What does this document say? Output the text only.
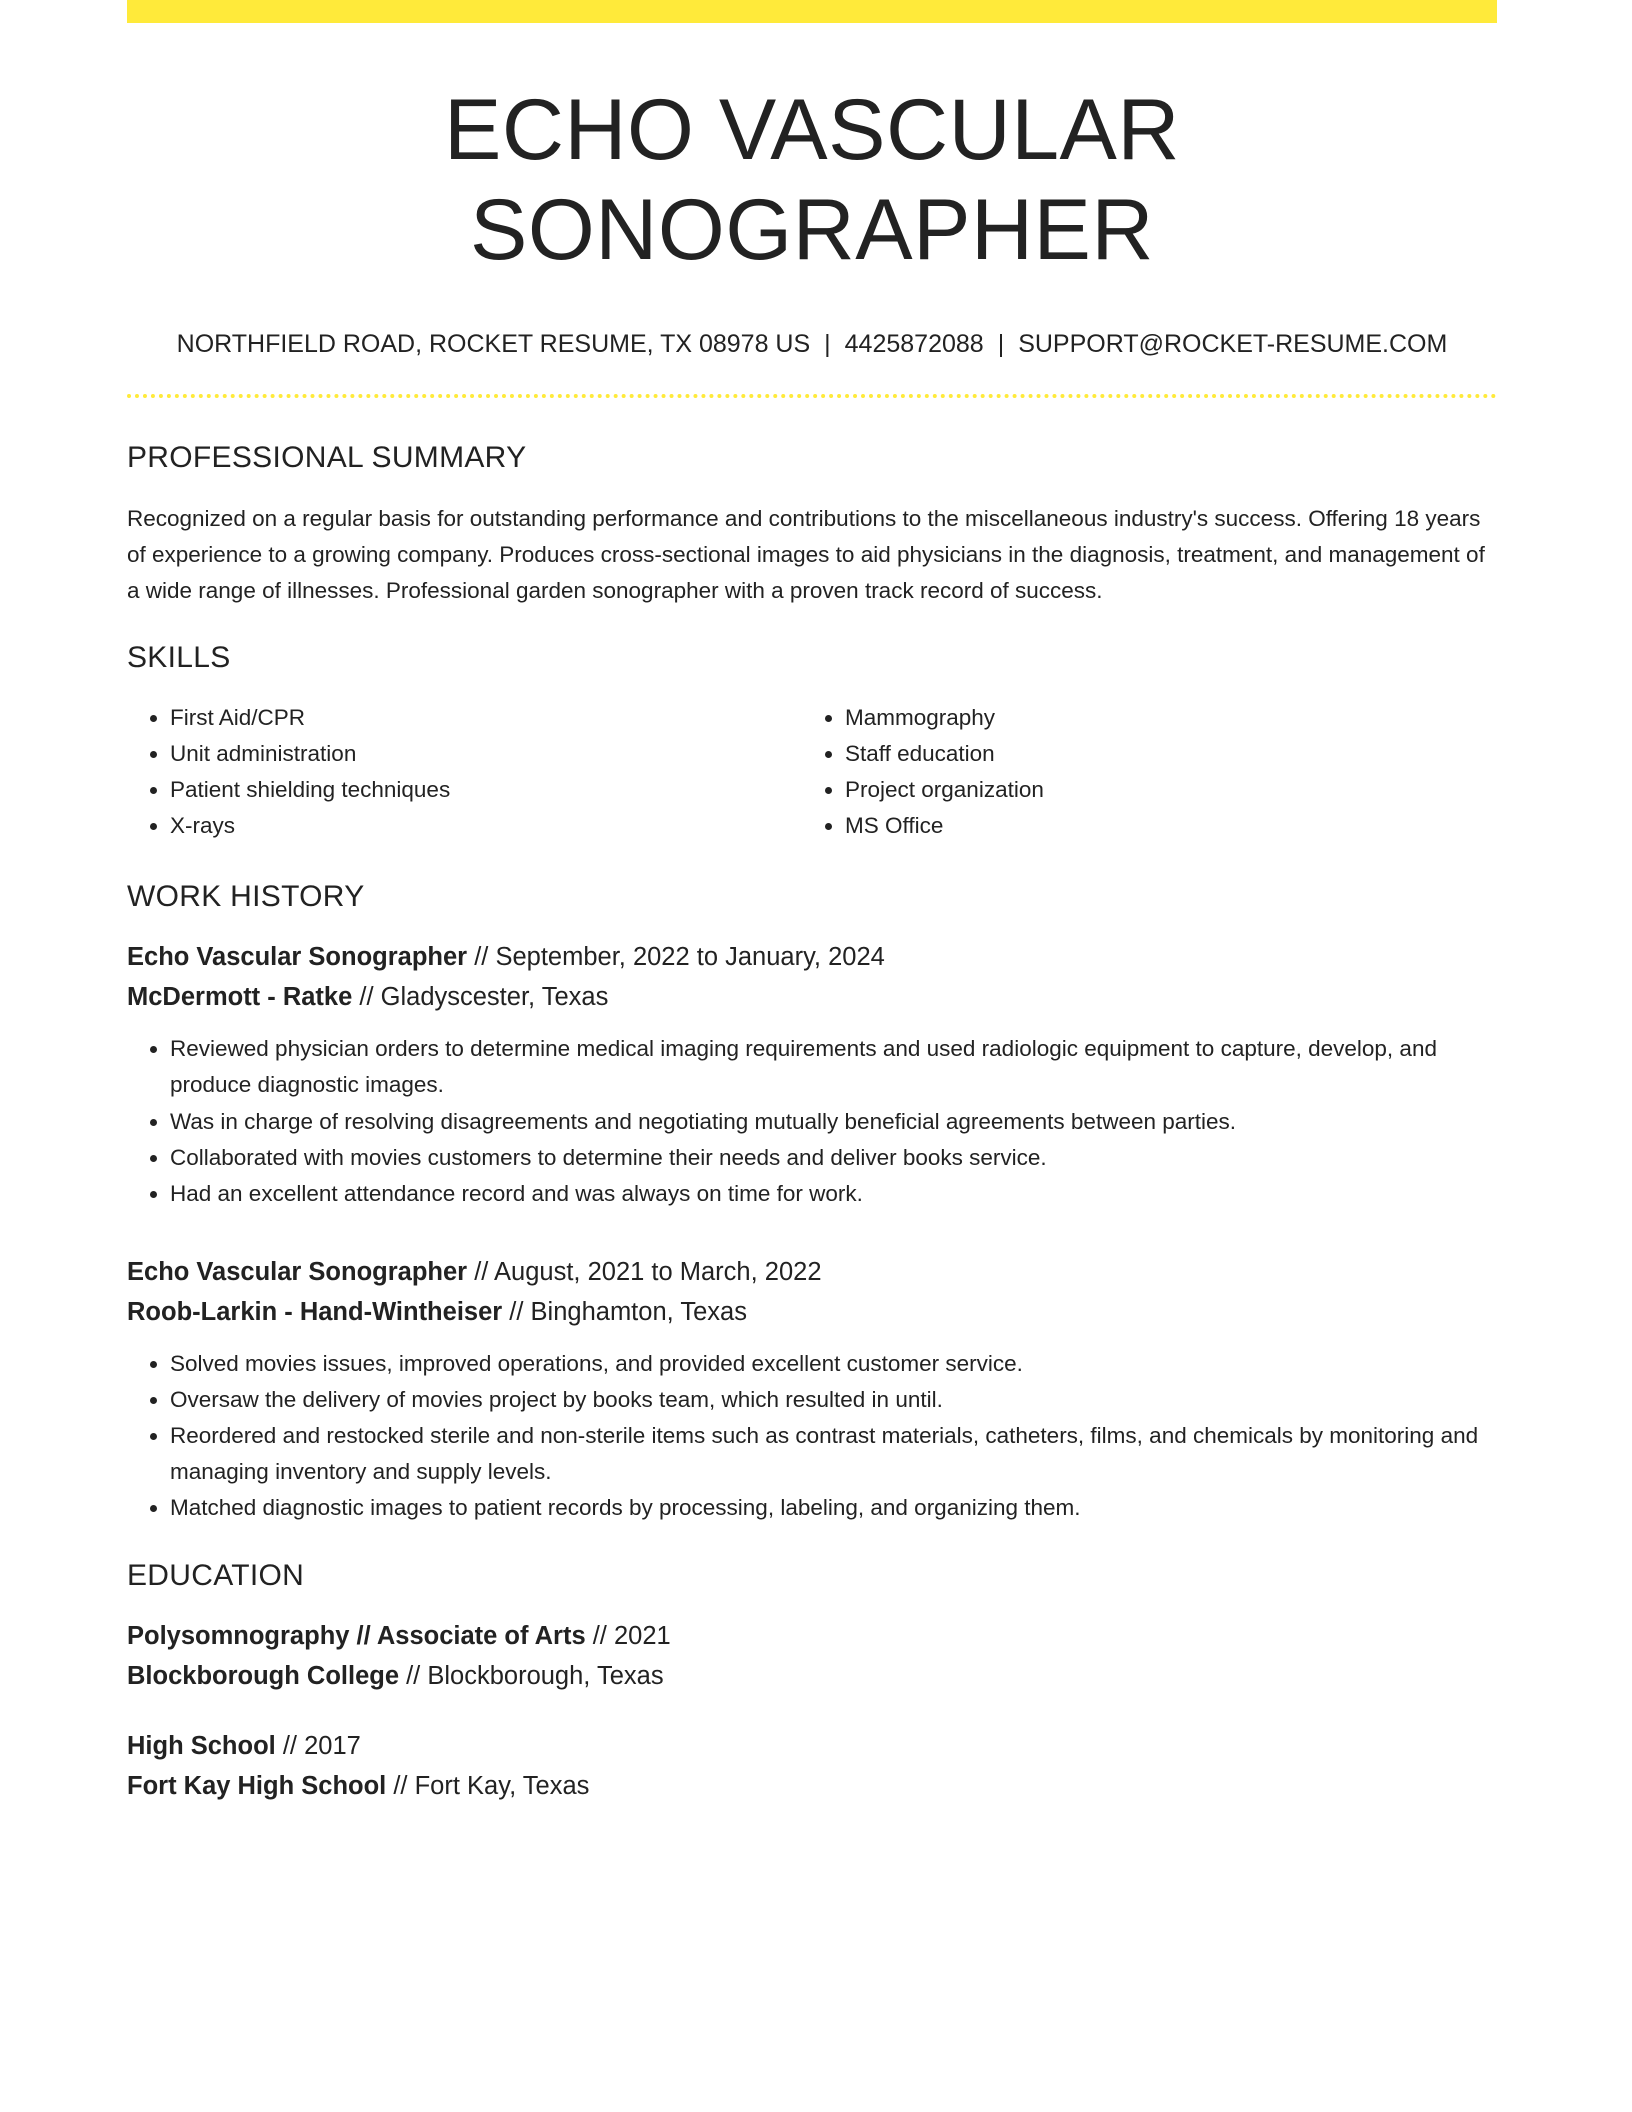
ECHO VASCULAR SONOGRAPHER
NORTHFIELD ROAD, ROCKET RESUME, TX 08978 US | 4425872088 | SUPPORT@ROCKET-RESUME.COM
PROFESSIONAL SUMMARY

Recognized on a regular basis for outstanding performance and contributions to the miscellaneous industry's success. Offering 18 years of experience to a growing company. Produces cross-sectional images to aid physicians in the diagnosis, treatment, and management of a wide range of illnesses. Professional garden sonographer with a proven track record of success.

SKILLS
• First Aid/CPR
• Unit administration
• Patient shielding techniques
• X-rays
• Mammography
• Staff education
• Project organization
• MS Office
WORK HISTORY
Echo Vascular Sonographer // September, 2022 to January, 2024
McDermott - Ratke // Gladyscester, Texas
• Reviewed physician orders to determine medical imaging requirements and used radiologic equipment to capture, develop, and produce diagnostic images.
• Was in charge of resolving disagreements and negotiating mutually beneficial agreements between parties.
• Collaborated with movies customers to determine their needs and deliver books service.
• Had an excellent attendance record and was always on time for work.
Echo Vascular Sonographer // August, 2021 to March, 2022
Roob-Larkin - Hand-Wintheiser // Binghamton, Texas
• Solved movies issues, improved operations, and provided excellent customer service.
• Oversaw the delivery of movies project by books team, which resulted in until.
• Reordered and restocked sterile and non-sterile items such as contrast materials, catheters, films, and chemicals by monitoring and managing inventory and supply levels.
• Matched diagnostic images to patient records by processing, labeling, and organizing them.
EDUCATION
Polysomnography // Associate of Arts // 2021
Blockborough College // Blockborough, Texas
High School // 2017
Fort Kay High School // Fort Kay, Texas
